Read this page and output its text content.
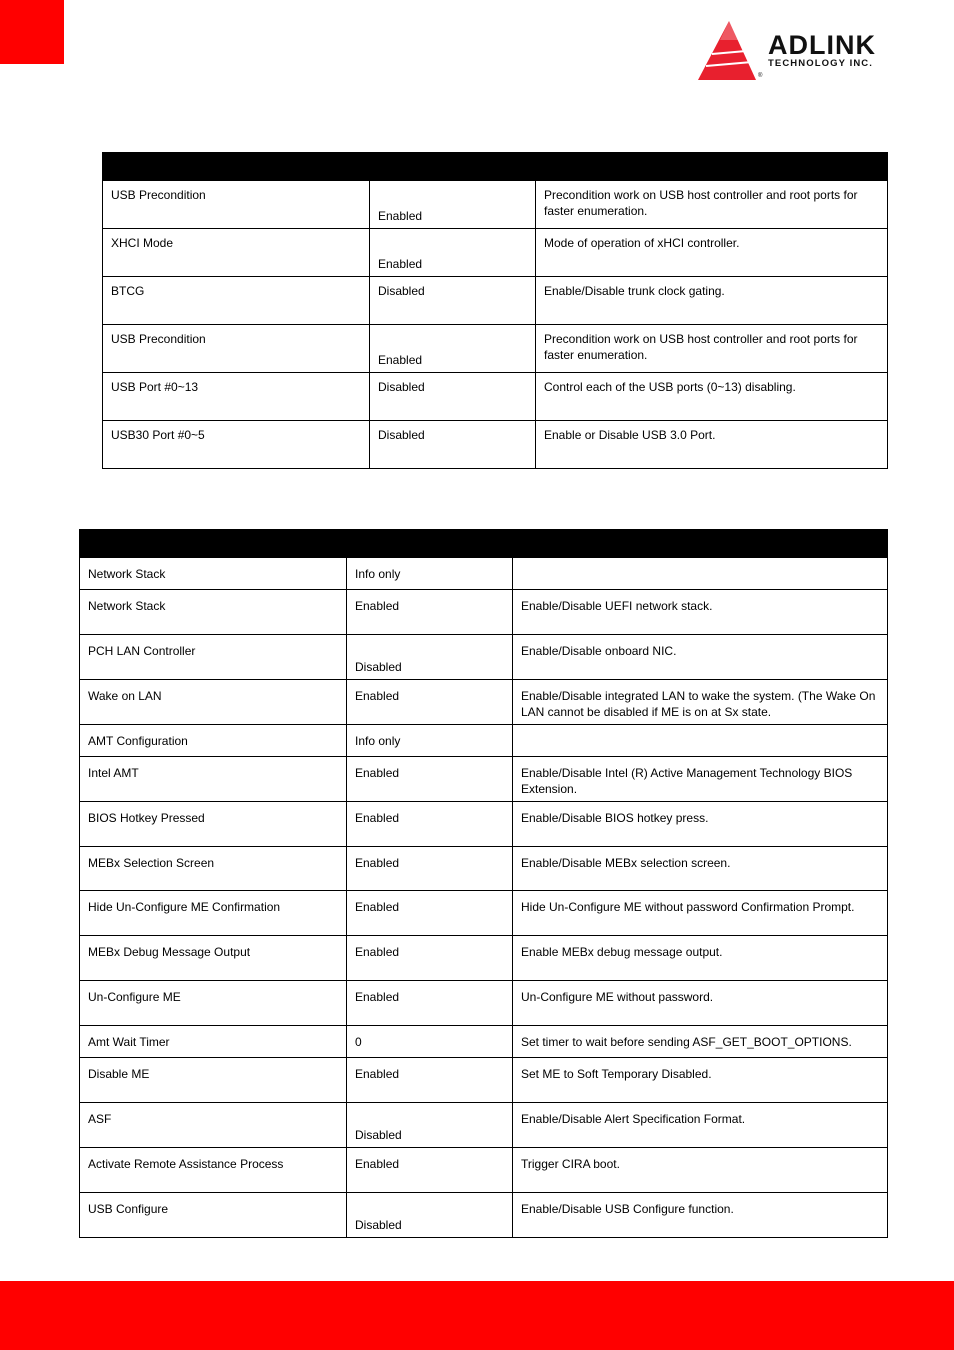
ADLINK
TECHNOLOGY INC.
®

USB Precondition	Enabled	Precondition work on USB host controller and root ports for faster enumeration.
XHCI Mode	Enabled	Mode of operation of xHCI controller.
BTCG	Disabled	Enable/Disable trunk clock gating.
USB Precondition	Enabled	Precondition work on USB host controller and root ports for faster enumeration.
USB Port #0~13	Disabled	Control each of the USB ports (0~13) disabling.
USB30 Port #0~5	Disabled	Enable or Disable USB 3.0 Port.

Network Stack	Info only	
Network Stack	Enabled	Enable/Disable UEFI network stack.
PCH LAN Controller	Disabled	Enable/Disable onboard NIC.
Wake on LAN	Enabled	Enable/Disable integrated LAN to wake the system. (The Wake On LAN cannot be disabled if ME is on at Sx state.
AMT Configuration	Info only	
Intel AMT	Enabled	Enable/Disable Intel (R) Active Management Technology BIOS Extension.
BIOS Hotkey Pressed	Enabled	Enable/Disable BIOS hotkey press.
MEBx Selection Screen	Enabled	Enable/Disable MEBx selection screen.
Hide Un-Configure ME Confirmation	Enabled	Hide Un-Configure ME without password Confirmation Prompt.
MEBx Debug Message Output	Enabled	Enable MEBx debug message output.
Un-Configure ME	Enabled	Un-Configure ME without password.
Amt Wait Timer	0	Set timer to wait before sending ASF_GET_BOOT_OPTIONS.
Disable ME	Enabled	Set ME to Soft Temporary Disabled.
ASF	Disabled	Enable/Disable Alert Specification Format.
Activate Remote Assistance Process	Enabled	Trigger CIRA boot.
USB Configure	Disabled	Enable/Disable USB Configure function.
